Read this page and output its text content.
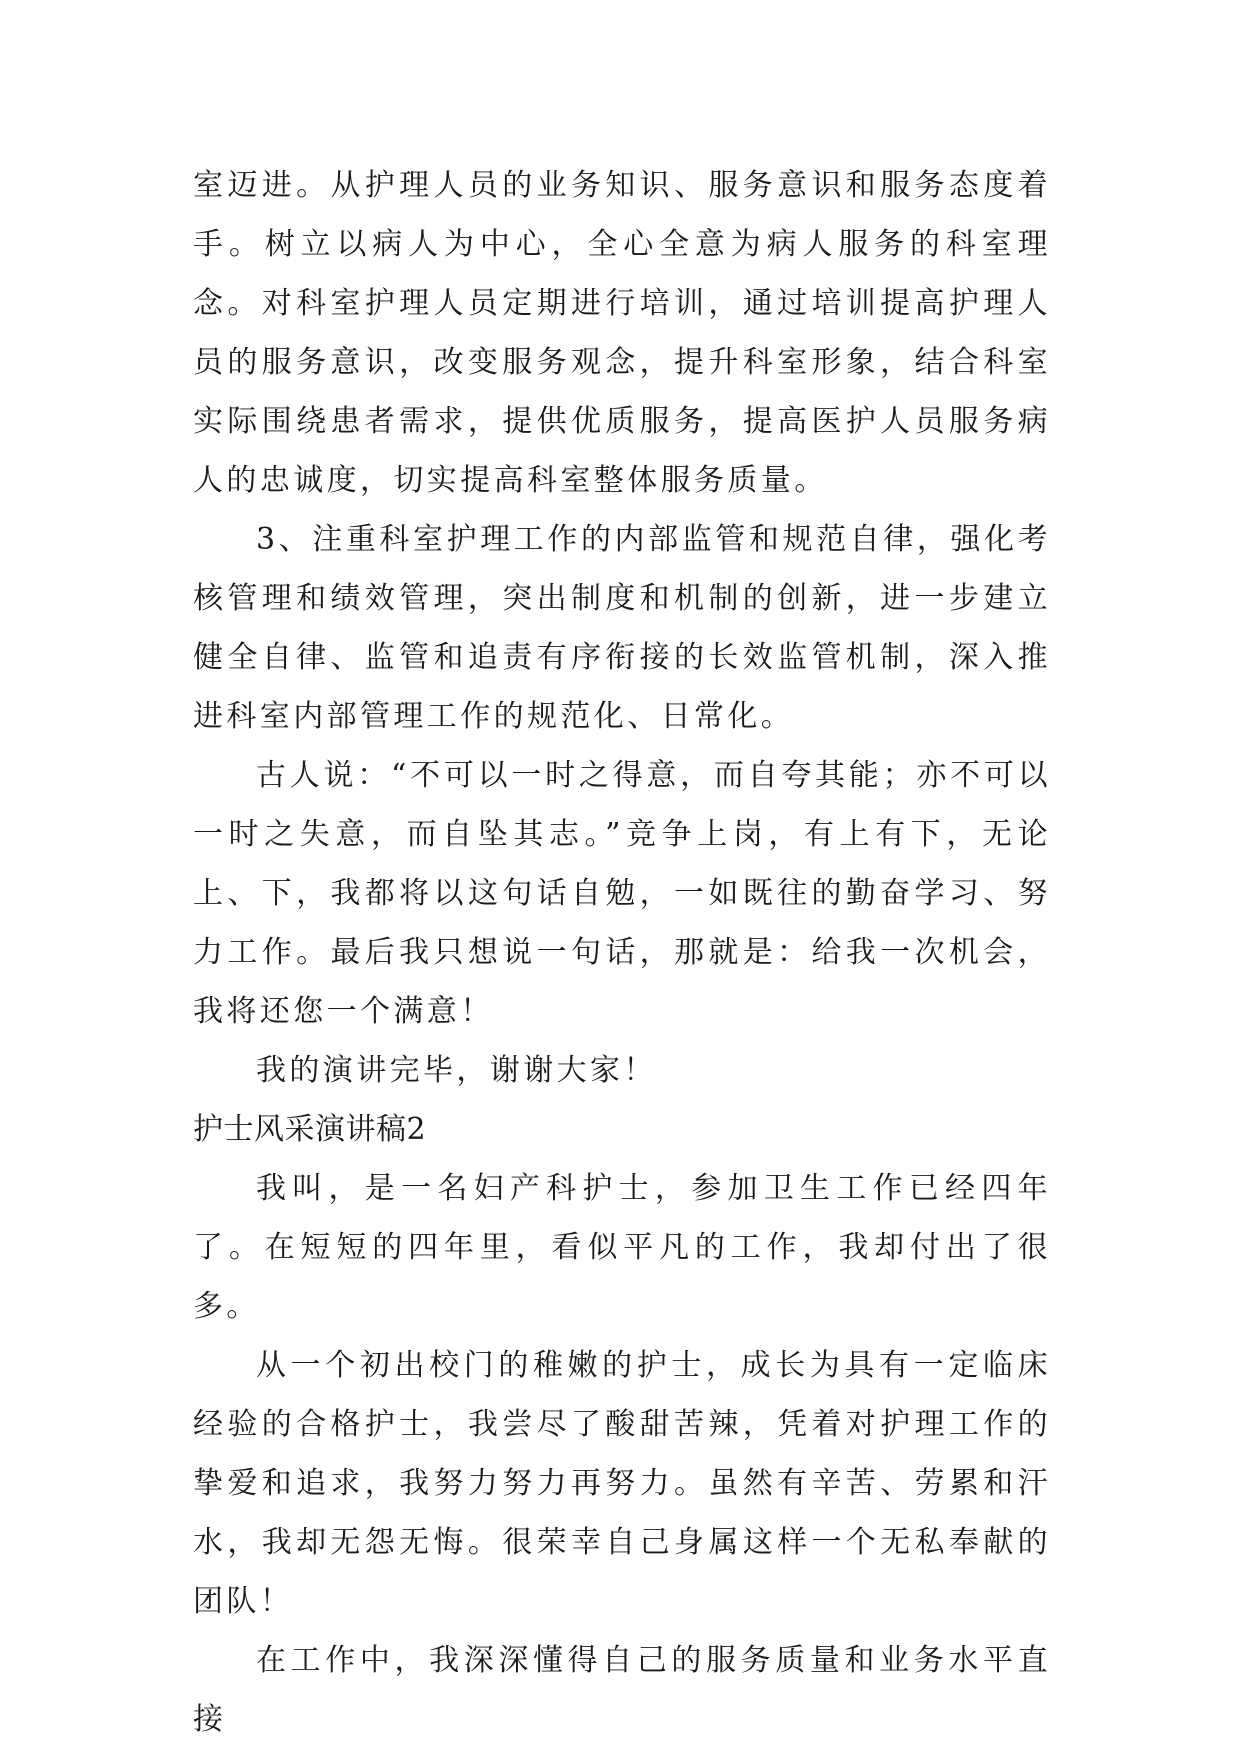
室迈进。从护理人员的业务知识、服务意识和服务态度着手。树立以病人为中心，全心全意为病人服务的科室理念。对科室护理人员定期进行培训，通过培训提高护理人员的服务意识，改变服务观念，提升科室形象，结合科室实际围绕患者需求，提供优质服务，提高医护人员服务病人的忠诚度，切实提高科室整体服务质量。

3、注重科室护理工作的内部监管和规范自律，强化考核管理和绩效管理，突出制度和机制的创新，进一步建立健全自律、监管和追责有序衔接的长效监管机制，深入推进科室内部管理工作的规范化、日常化。

古人说：“不可以一时之得意，而自夸其能；亦不可以一时之失意，而自坠其志。”竞争上岗，有上有下，无论上、下，我都将以这句话自勉，一如既往的勤奋学习、努力工作。最后我只想说一句话，那就是：给我一次机会，我将还您一个满意！

我的演讲完毕，谢谢大家！

护士风采演讲稿2

我叫，是一名妇产科护士，参加卫生工作已经四年了。在短短的四年里，看似平凡的工作，我却付出了很多。

从一个初出校门的稚嫩的护士，成长为具有一定临床经验的合格护士，我尝尽了酸甜苦辣，凭着对护理工作的挚爱和追求，我努力努力再努力。虽然有辛苦、劳累和汗水，我却无怨无悔。很荣幸自己身属这样一个无私奉献的团队！

在工作中，我深深懂得自己的服务质量和业务水平直接
